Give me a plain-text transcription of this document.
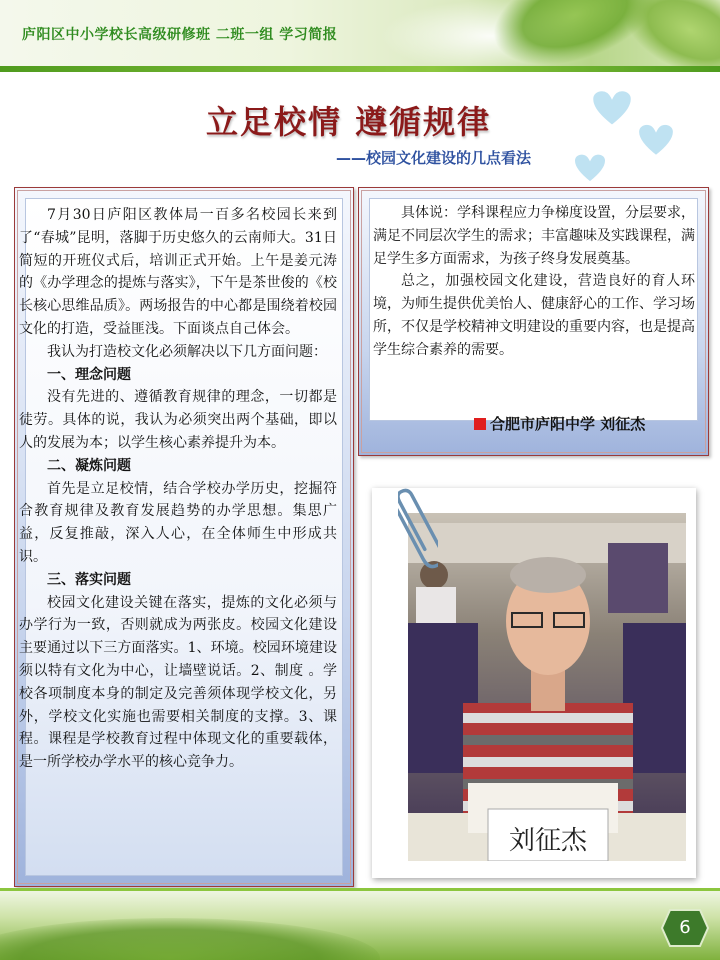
庐阳区中小学校长高级研修班 二班一组 学习简报
立足校情 遵循规律
——校园文化建设的几点看法

7月30日庐阳区教体局一百多名校园长来到了“春城”昆明，落脚于历史悠久的云南师大。31日简短的开班仪式后，培训正式开始。上午是姜元涛的《办学理念的提炼与落实》，下午是茶世俊的《校长核心思维品质》。两场报告的中心都是围绕着校园文化的打造，受益匪浅。下面谈点自己体会。

我认为打造校文化必须解决以下几方面问题：

一、理念问题

没有先进的、遵循教育规律的理念，一切都是徒劳。具体的说，我认为必须突出两个基础，即以人的发展为本；以学生核心素养提升为本。

二、凝炼问题

首先是立足校情，结合学校办学历史，挖掘符合教育规律及教育发展趋势的办学思想。集思广益，反复推敲，深入人心，在全体师生中形成共识。

三、落实问题

校园文化建设关键在落实，提炼的文化必须与办学行为一致，否则就成为两张皮。校园文化建设主要通过以下三方面落实。1、环境。校园环境建设须以特有文化为中心，让墙壁说话。2、制度 。学校各项制度本身的制定及完善须体现学校文化，另外，学校文化实施也需要相关制度的支撑。3、课程。课程是学校教育过程中体现文化的重要载体，是一所学校办学水平的核心竞争力。

具体说：学科课程应力争梯度设置，分层要求，满足不同层次学生的需求；丰富趣味及实践课程，满足学生多方面需求，为孩子终身发展奠基。

总之，加强校园文化建设，营造良好的育人环境，为师生提供优美怡人、健康舒心的工作、学习场所，不仅是学校精神文明建设的重要内容，也是提高学生综合素养的需要。

合肥市庐阳中学 刘征杰
刘征杰
6
